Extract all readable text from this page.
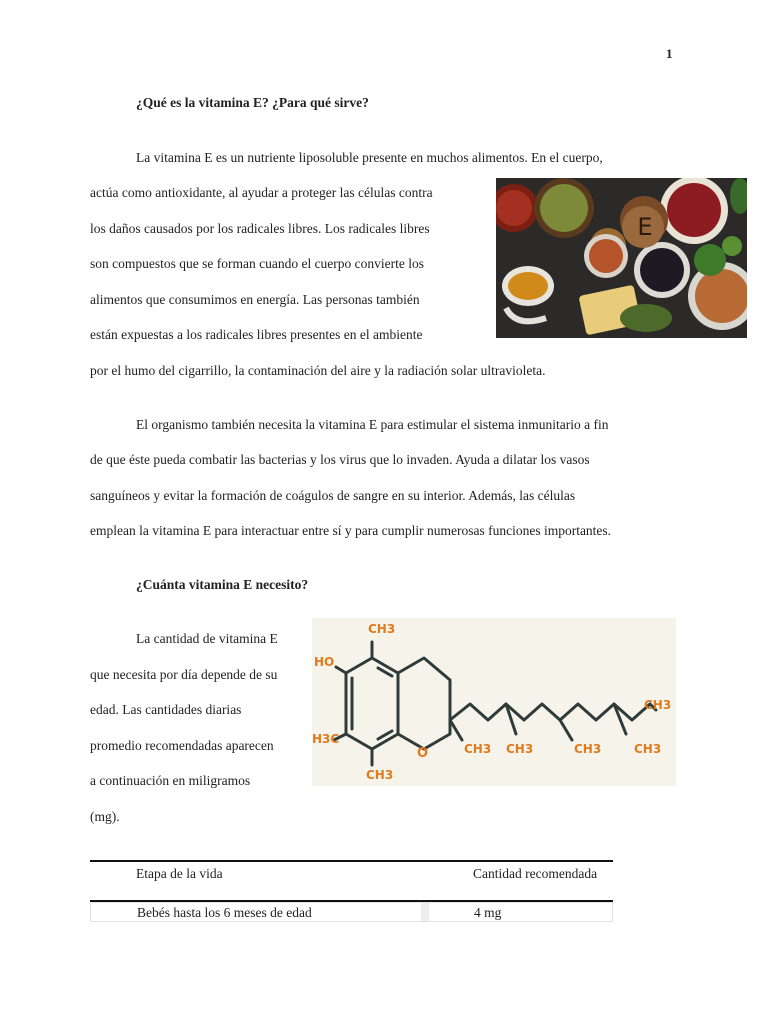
1
¿Qué es la vitamina E? ¿Para qué sirve?
La vitamina E es un nutriente liposoluble presente en muchos alimentos. En el cuerpo,
actúa como antioxidante, al ayudar a proteger las células contra
los daños causados por los radicales libres. Los radicales libres
son compuestos que se forman cuando el cuerpo convierte los
alimentos que consumimos en energía. Las personas también
están expuestas a los radicales libres presentes en el ambiente
por el humo del cigarrillo, la contaminación del aire y la radiación solar ultravioleta.
E
El organismo también necesita la vitamina E para estimular el sistema inmunitario a fin
de que éste pueda combatir las bacterias y los virus que lo invaden. Ayuda a dilatar los vasos
sanguíneos y evitar la formación de coágulos de sangre en su interior. Además, las células
emplean la vitamina E para interactuar entre sí y para cumplir numerosas funciones importantes.
¿Cuánta vitamina E necesito?
La cantidad de vitamina E
que necesita por día depende de su
edad. Las cantidades diarias
promedio recomendadas aparecen
a continuación en miligramos
(mg).
CH3
HO
H3C
CH3
O	CH3 CH3	CH3	CH3
CH3
Etapa de la vida	Cantidad recomendada
Bebés hasta los 6 meses de edad	4 mg
